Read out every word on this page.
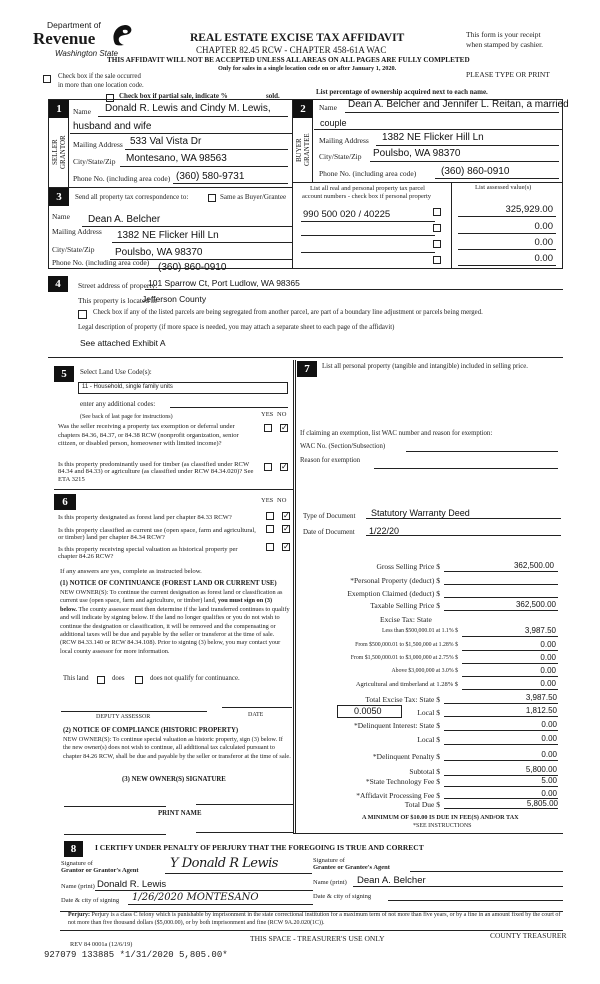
Department of
Revenue
Washington State
REAL ESTATE EXCISE TAX AFFIDAVIT
CHAPTER 82.45 RCW - CHAPTER 458-61A WAC
THIS AFFIDAVIT WILL NOT BE ACCEPTED UNLESS ALL AREAS ON ALL PAGES ARE FULLY COMPLETED
Only for sales in a single location code on or after January 1, 2020.
This form is your receipt
when stamped by cashier.
PLEASE TYPE OR PRINT
Check box if the sale occurred
in more than one location code.
Check box if partial sale, indicate %	sold.	List percentage of ownership acquired next to each name.
1
SELLER GRANTOR
Name Donald R. Lewis and Cindy M. Lewis,
husband and wife
Mailing Address 533 Val Vista Dr
City/State/Zip Montesano, WA 98563
Phone No. (including area code) (360) 580-9731
2
BUYER GRANTEE
Name Dean A. Belcher and Jennifer L. Reitan, a married
couple
Mailing Address 1382 NE Flicker Hill Ln
City/State/Zip Poulsbo, WA 98370
Phone No. (including area code) (360) 860-0910
3	Send all property tax correspondence to:	Same as Buyer/Grantee
Name Dean A. Belcher
Mailing Address 1382 NE Flicker Hill Ln
City/State/Zip Poulsbo, WA 98370
Phone No. (including area code) (360) 860-0910
List all real and personal property tax parcel
account numbers - check box if personal property
List assessed value(s)
990 500 020 / 40225	325,929.00
0.00
0.00
0.00
4	Street address of property:
101 Sparrow Ct, Port Ludlow, WA 98365
This property is located in
Jefferson County
Check box if any of the listed parcels are being segregated from another parcel, are part of a boundary line adjustment or parcels being merged.
Legal description of property (if more space is needed, you may attach a separate sheet to each page of the affidavit)
See attached Exhibit A
5	Select Land Use Code(s):
11 - Household, single family units
enter any additional codes:
(See back of last page for instructions)	YES NO
Was the seller receiving a property tax exemption or deferral under chapters 84.36, 84.37, or 84.38 RCW (nonprofit organization, senior citizen, or disabled person, homeowner with limited income)?
✓
Is this property predominantly used for timber (as classified under RCW 84.34 and 84.33) or agriculture (as classified under RCW 84.34.020)? See ETA 3215
✓
6	YES NO
Is this property designated as forest land per chapter 84.33 RCW?
✓
Is this property classified as current use (open space, farm and agricultural, or timber) land per chapter 84.34 RCW?
✓
Is this property receiving special valuation as historical property per chapter 84.26 RCW?
✓
If any answers are yes, complete as instructed below.
(1) NOTICE OF CONTINUANCE (FOREST LAND OR CURRENT USE)
NEW OWNER(S): To continue the current designation as forest land or classification as current use (open space, farm and agriculture, or timber) land, you must sign on (3) below. The county assessor must then determine if the land transferred continues to qualify and will indicate by signing below. If the land no longer qualifies or you do not wish to continue the designation or classification, it will be removed and the compensating or additional taxes will be due and payable by the seller or transferor at the time of sale. (RCW 84.33.140 or RCW 84.34.108). Prior to signing (3) below, you may contact your local county assessor for more information.
This land	does	does not qualify for continuance.
DEPUTY ASSESSOR	DATE
(2) NOTICE OF COMPLIANCE (HISTORIC PROPERTY)
NEW OWNER(S): To continue special valuation as historic property, sign (3) below. If the new owner(s) does not wish to continue, all additional tax calculated pursuant to chapter 84.26 RCW, shall be due and payable by the seller or transferor at the time of sale.
(3) NEW OWNER(S) SIGNATURE
PRINT NAME
7	List all personal property (tangible and intangible) included in selling price.
If claiming an exemption, list WAC number and reason for exemption:
WAC No. (Section/Subsection)
Reason for exemption
Type of Document Statutory Warranty Deed
Date of Document 1/22/20
Gross Selling Price $	362,500.00
*Personal Property (deduct) $
Exemption Claimed (deduct) $
Taxable Selling Price $	362,500.00
Excise Tax: State
Less than $500,000.01 at 1.1% $	3,987.50
From $500,000.01 to $1,500,000 at 1.28% $	0.00
From $1,500,000.01 to $3,000,000 at 2.75% $	0.00
Above $3,000,000 at 3.0% $	0.00
Agricultural and timberland at 1.28% $	0.00
Total Excise Tax: State $	3,987.50
0.0050	Local $	1,812.50
*Delinquent Interest: State $	0.00
Local $	0.00
*Delinquent Penalty $	0.00
Subtotal $	5,800.00
*State Technology Fee $	5.00
*Affidavit Processing Fee $	0.00
Total Due $	5,805.00
A MINIMUM OF $10.00 IS DUE IN FEE(S) AND/OR TAX
*SEE INSTRUCTIONS
8	I CERTIFY UNDER PENALTY OF PERJURY THAT THE FOREGOING IS TRUE AND CORRECT
Signature of
Grantor or Grantor's Agent Y Donald R Lewis
Name (print) Donald R. Lewis
Date & city of signing 1/26/2020 MONTESANO
Signature of
Grantee or Grantee's Agent
Name (print) Dean A. Belcher
Date & city of signing
Perjury: Perjury is a class C felony which is punishable by imprisonment in the state correctional institution for a maximum term of not more than five years, or by a fine in an amount fixed by the court of not more than five thousand dollars ($5,000.00), or by both imprisonment and fine (RCW 9A.20.020(1C)).
REV 84 0001a (12/6/19)
THIS SPACE - TREASURER'S USE ONLY	COUNTY TREASURER
927079 133885 *1/31/2020 5,805.00*
